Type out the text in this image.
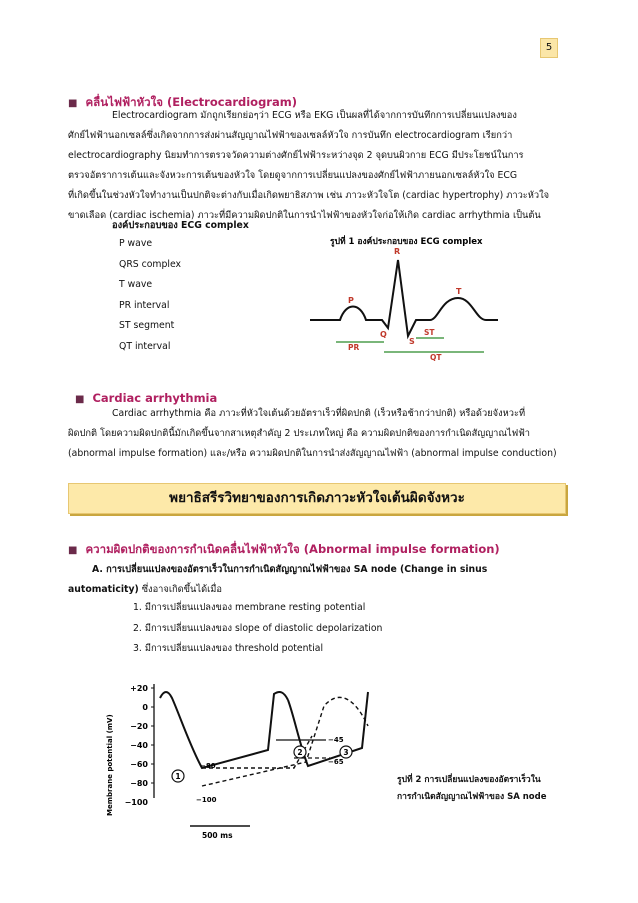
5
■ คลื่นไฟฟ้าหัวใจ (Electrocardiogram)
Electrocardiogram มักถูกเรียกย่อๆว่า ECG หรือ EKG เป็นผลที่ได้จากการบันทึกการเปลี่ยนแปลงของ
ศักย์ไฟฟ้านอกเซลล์ซึ่งเกิดจากการส่งผ่านสัญญาณไฟฟ้าของเซลล์หัวใจ การบันทึก electrocardiogram เรียกว่า
electrocardiography นิยมทำการตรวจวัดความต่างศักย์ไฟฟ้าระหว่างจุด 2 จุดบนผิวกาย ECG มีประโยชน์ในการ
ตรวจอัตราการเต้นและจังหวะการเต้นของหัวใจ โดยดูจากการเปลี่ยนแปลงของศักย์ไฟฟ้าภายนอกเซลล์หัวใจ ECG
ที่เกิดขึ้นในช่วงหัวใจทำงานเป็นปกติจะต่างกับเมื่อเกิดพยาธิสภาพ เช่น ภาวะหัวใจโต (cardiac hypertrophy) ภาวะหัวใจ
ขาดเลือด (cardiac ischemia) ภาวะที่มีความผิดปกติในการนำไฟฟ้าของหัวใจก่อให้เกิด cardiac arrhythmia เป็นต้น
องค์ประกอบของ ECG complex
P wave
QRS complex
T wave
PR interval
ST segment
QT interval
รูปที่ 1 องค์ประกอบของ ECG complex
R
P
T
Q
S
PR
ST
QT
■ Cardiac arrhythmia
Cardiac arrhythmia คือ ภาวะที่หัวใจเต้นด้วยอัตราเร็วที่ผิดปกติ (เร็วหรือช้ากว่าปกติ) หรือด้วยจังหวะที่
ผิดปกติ โดยความผิดปกตินี้มักเกิดขึ้นจากสาเหตุสำคัญ 2 ประเภทใหญ่ คือ ความผิดปกติของการกำเนิดสัญญาณไฟฟ้า
(abnormal impulse formation) และ/หรือ ความผิดปกติในการนำส่งสัญญาณไฟฟ้า (abnormal impulse conduction)
พยาธิสรีรวิทยาของการเกิดภาวะหัวใจเต้นผิดจังหวะ
■ ความผิดปกติของการกำเนิดคลื่นไฟฟ้าหัวใจ (Abnormal impulse formation)
A. การเปลี่ยนแปลงของอัตราเร็วในการกำเนิดสัญญาณไฟฟ้าของ SA node (Change in sinus
automaticity) ซึ่งอาจเกิดขึ้นได้เมื่อ
1. มีการเปลี่ยนแปลงของ membrane resting potential
2. มีการเปลี่ยนแปลงของ slope of diastolic depolarization
3. มีการเปลี่ยนแปลงของ threshold potential
Membrane potential (mV)
+20
0
−20
−40
−60
−80
−100
−80
−100
−45
−65
1
2	3
500 ms
รูปที่ 2 การเปลี่ยนแปลงของอัตราเร็วใน
การกำเนิดสัญญาณไฟฟ้าของ SA node
